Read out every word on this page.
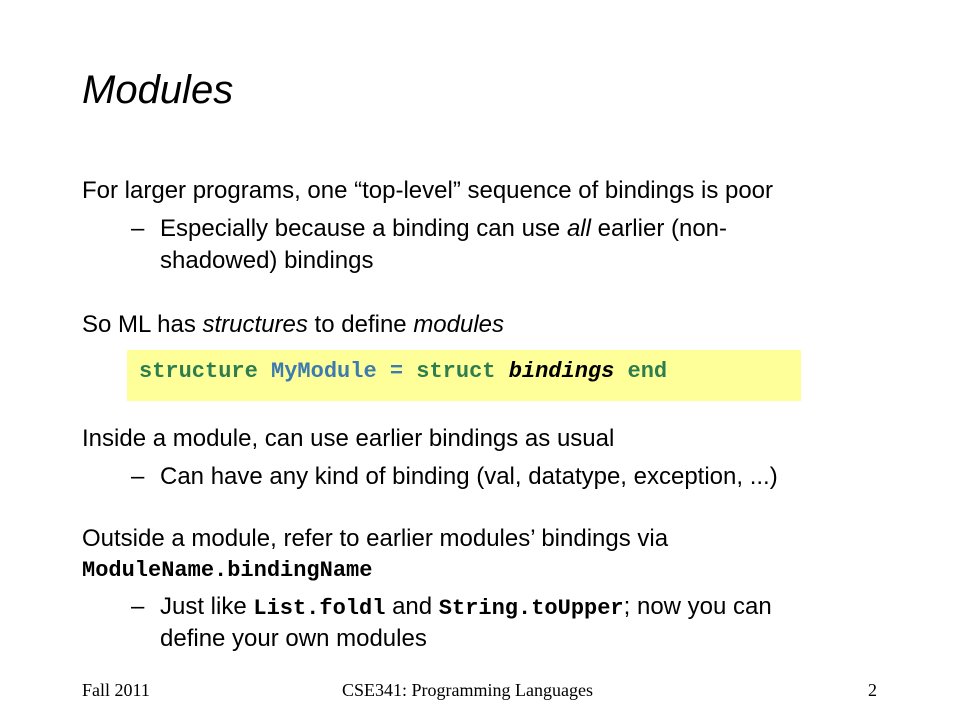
Modules
For larger programs, one “top-level” sequence of bindings is poor
– Especially because a binding can use all earlier (non-
shadowed) bindings
So ML has structures to define modules
structure MyModule = struct bindings end
Inside a module, can use earlier bindings as usual
– Can have any kind of binding (val, datatype, exception, ...)
Outside a module, refer to earlier modules’ bindings via
ModuleName.bindingName
– Just like List.foldl and String.toUpper; now you can
define your own modules
Fall 2011	CSE341: Programming Languages	2
